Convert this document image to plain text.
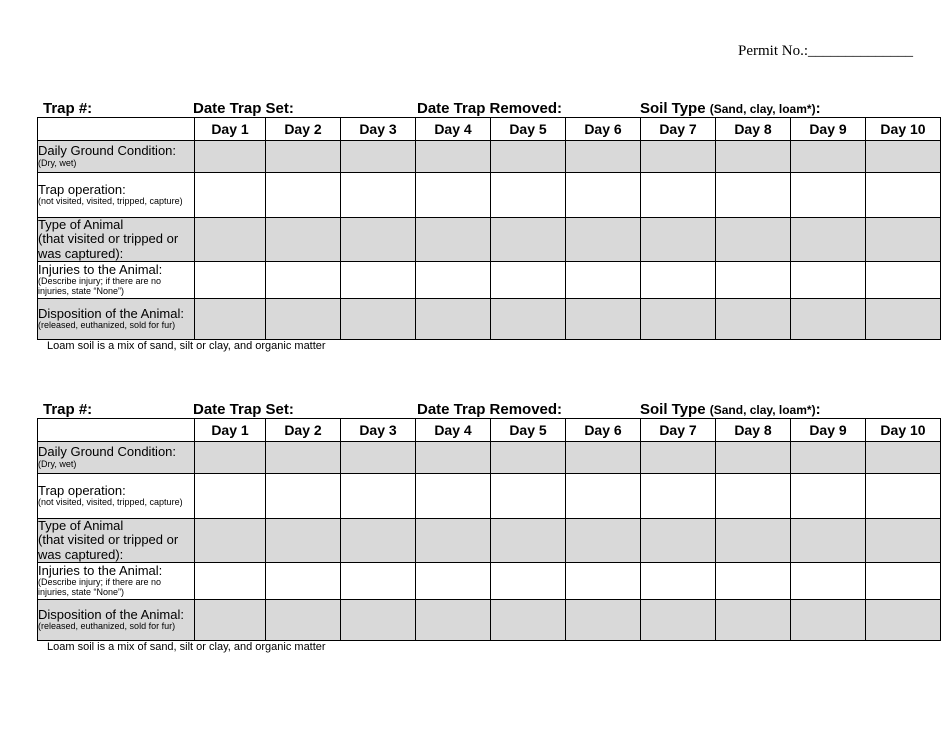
Permit No.:______________
Trap #:	Date Trap Set:	Date Trap Removed:	Soil Type (Sand, clay, loam*):
	Day 1	Day 2	Day 3	Day 4	Day 5	Day 6	Day 7	Day 8	Day 9	Day 10

Daily Ground Condition:
(Dry, wet)										

Trap operation:
(not visited, visited, tripped, capture)										

Type of Animal
(that visited or tripped or was captured):										

Injuries to the Animal:
(Describe injury; if there are no injuries, state “None”)										

Disposition of the Animal:
(released, euthanized, sold for fur)										

Loam soil is a mix of sand, silt or clay, and organic matter
Trap #:	Date Trap Set:	Date Trap Removed:	Soil Type (Sand, clay, loam*):
	Day 1	Day 2	Day 3	Day 4	Day 5	Day 6	Day 7	Day 8	Day 9	Day 10

Daily Ground Condition:
(Dry, wet)										

Trap operation:
(not visited, visited, tripped, capture)										

Type of Animal
(that visited or tripped or was captured):										

Injuries to the Animal:
(Describe injury; if there are no injuries, state “None”)										

Disposition of the Animal:
(released, euthanized, sold for fur)										

Loam soil is a mix of sand, silt or clay, and organic matter
